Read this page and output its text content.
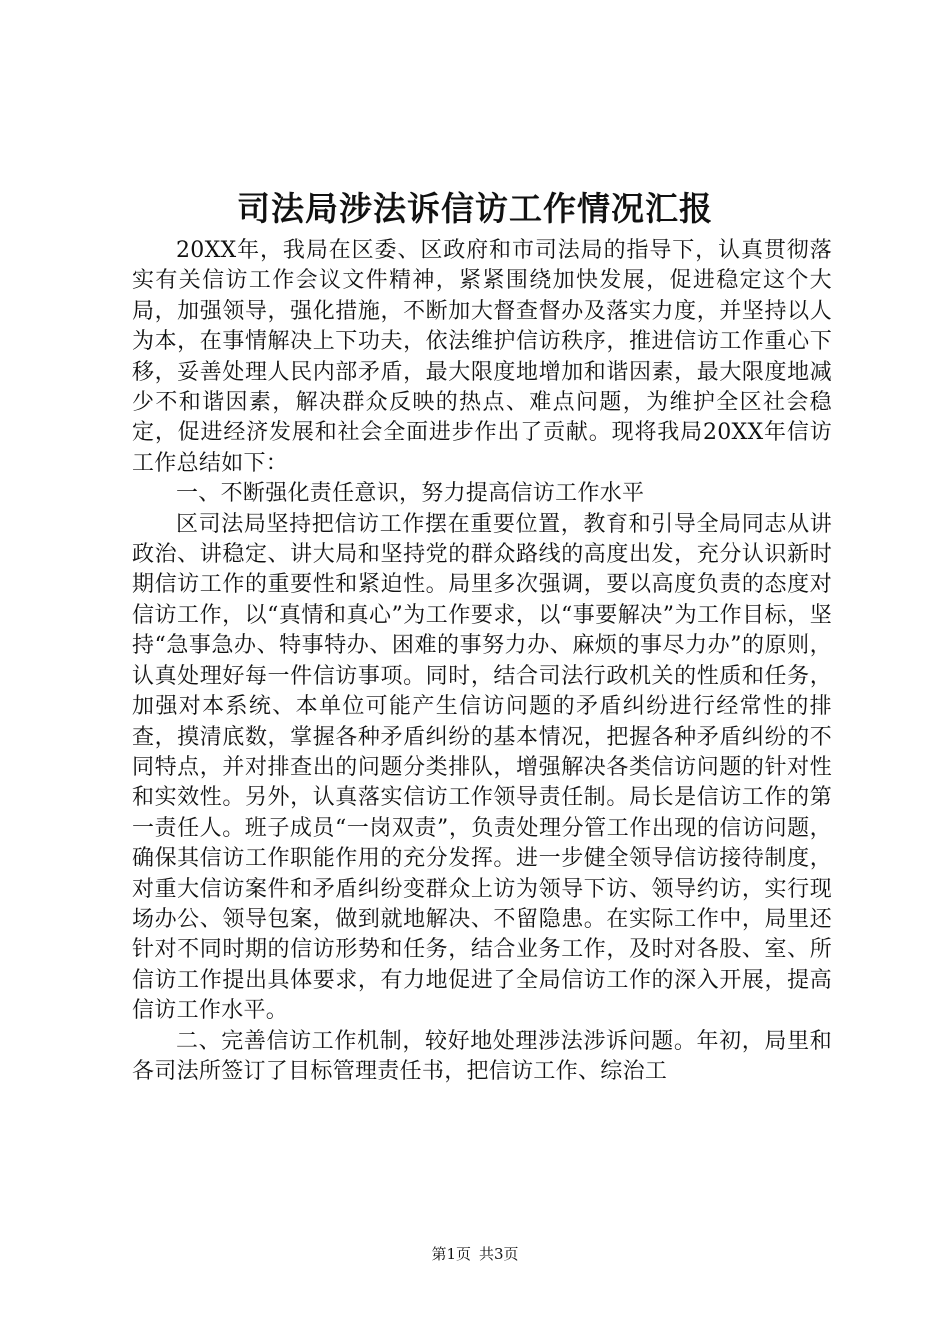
司法局涉法诉信访工作情况汇报

20XX年，我局在区委、区政府和市司法局的指导下，认真贯彻落实有关信访工作会议文件精神，紧紧围绕加快发展，促进稳定这个大局，加强领导，强化措施，不断加大督查督办及落实力度，并坚持以人为本，在事情解决上下功夫，依法维护信访秩序，推进信访工作重心下移，妥善处理人民内部矛盾，最大限度地增加和谐因素，最大限度地减少不和谐因素，解决群众反映的热点、难点问题，为维护全区社会稳定，促进经济发展和社会全面进步作出了贡献。现将我局20XX年信访工作总结如下：

一、不断强化责任意识，努力提高信访工作水平

区司法局坚持把信访工作摆在重要位置，教育和引导全局同志从讲政治、讲稳定、讲大局和坚持党的群众路线的高度出发，充分认识新时期信访工作的重要性和紧迫性。局里多次强调，要以高度负责的态度对信访工作，以“真情和真心”为工作要求，以“事要解决”为工作目标，坚持“急事急办、特事特办、困难的事努力办、麻烦的事尽力办”的原则，认真处理好每一件信访事项。同时，结合司法行政机关的性质和任务，加强对本系统、本单位可能产生信访问题的矛盾纠纷进行经常性的排查，摸清底数，掌握各种矛盾纠纷的基本情况，把握各种矛盾纠纷的不同特点，并对排查出的问题分类排队，增强解决各类信访问题的针对性和实效性。另外，认真落实信访工作领导责任制。局长是信访工作的第一责任人。班子成员“一岗双责”，负责处理分管工作出现的信访问题，确保其信访工作职能作用的充分发挥。进一步健全领导信访接待制度，对重大信访案件和矛盾纠纷变群众上访为领导下访、领导约访，实行现场办公、领导包案，做到就地解决、不留隐患。在实际工作中，局里还针对不同时期的信访形势和任务，结合业务工作，及时对各股、室、所信访工作提出具体要求，有力地促进了全局信访工作的深入开展，提高信访工作水平。

二、完善信访工作机制，较好地处理涉法涉诉问题。年初，局里和各司法所签订了目标管理责任书，把信访工作、综治工

第1页 共3页
